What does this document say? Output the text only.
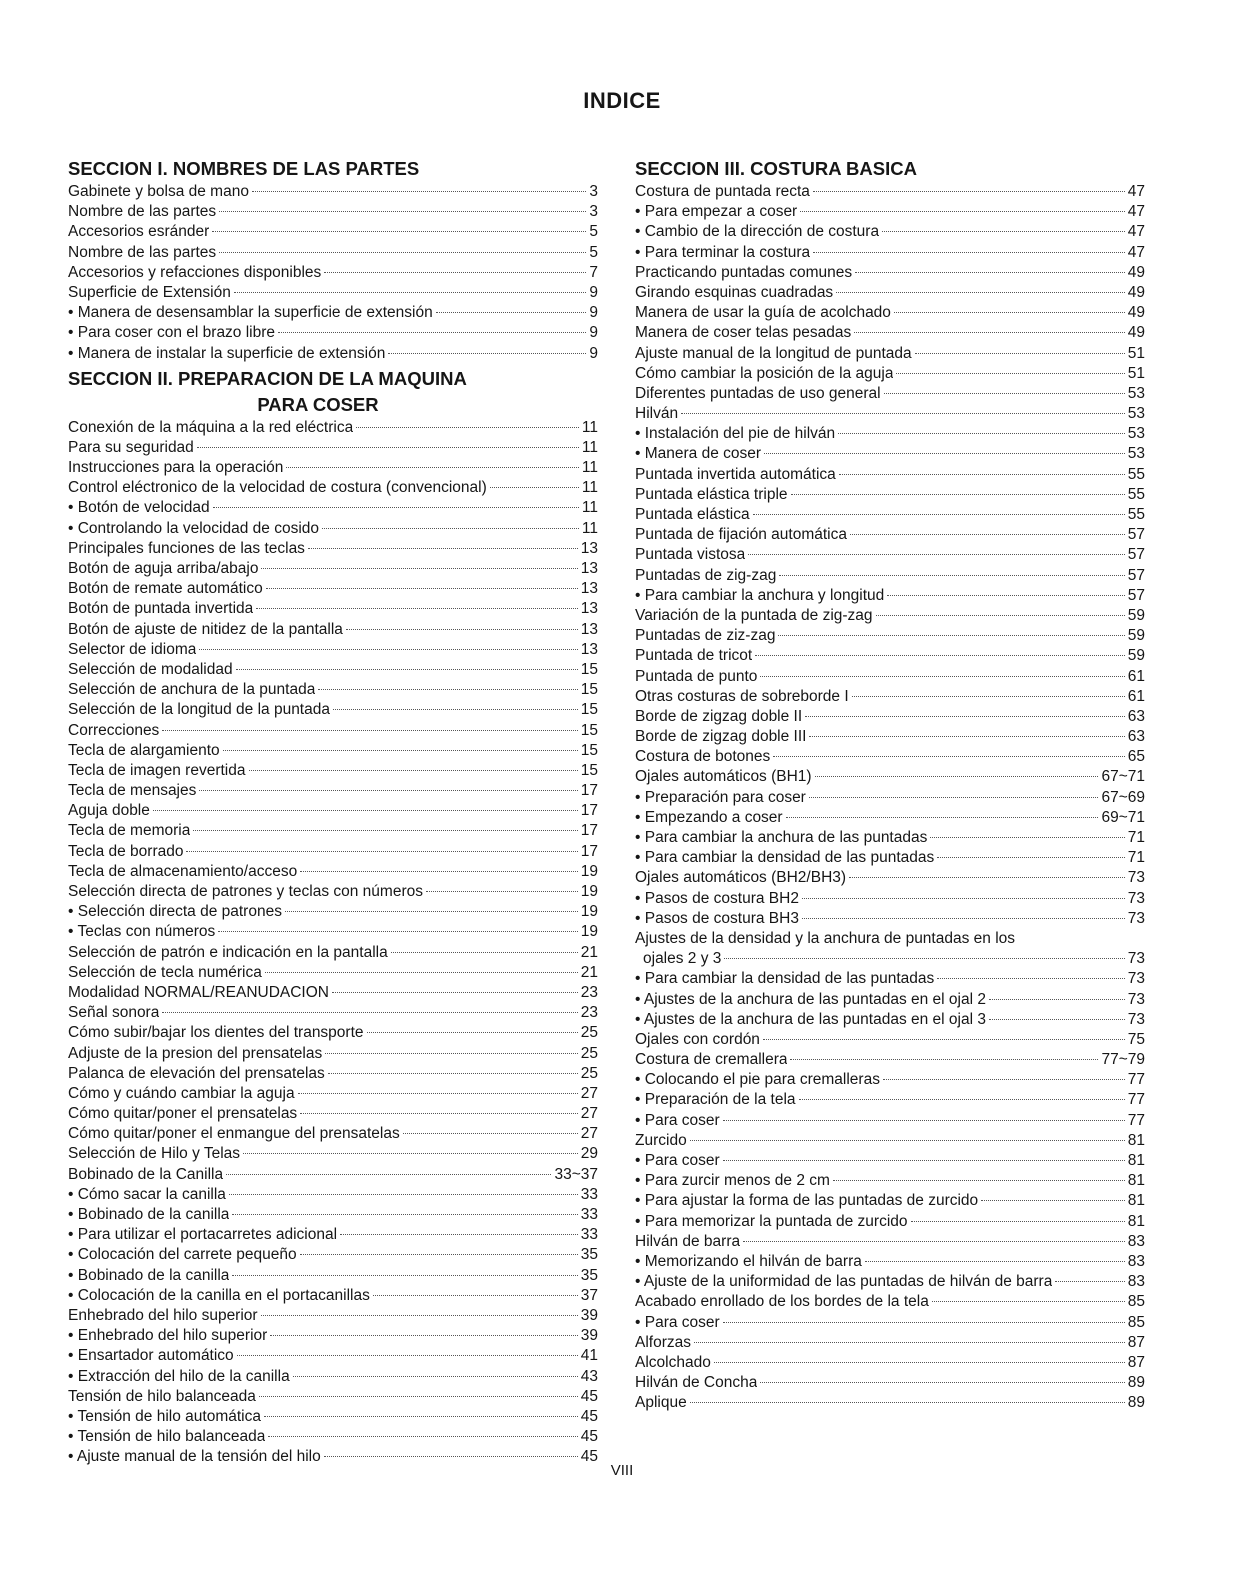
INDICE
SECCION I. NOMBRES DE LAS PARTES
Gabinete y bolsa de mano	3
Nombre de las partes	3
Accesorios esránder	5
Nombre de las partes	5
Accesorios y refacciones disponibles	7
Superficie de Extensión	9
• Manera de desensamblar la superficie de extensión	9
• Para coser con el brazo libre	9
• Manera de instalar la superficie de extensión	9
SECCION II. PREPARACION DE LA MAQUINA
PARA COSER
Conexión de la máquina a la red eléctrica	11
Para su seguridad	11
Instrucciones para la operación	11
Control eléctronico de la velocidad de costura (convencional)	11
• Botón de velocidad	11
• Controlando la velocidad de cosido	11
Principales funciones de las teclas	13
Botón de aguja arriba/abajo	13
Botón de remate automático	13
Botón de puntada invertida	13
Botón de ajuste de nitidez de la pantalla	13
Selector de idioma	13
Selección de modalidad	15
Selección de anchura de la puntada	15
Selección de la longitud de la puntada	15
Correcciones	15
Tecla de alargamiento	15
Tecla de imagen revertida	15
Tecla de mensajes	17
Aguja doble	17
Tecla de memoria	17
Tecla de borrado	17
Tecla de almacenamiento/acceso	19
Selección directa de patrones y teclas con números	19
• Selección directa de patrones	19
• Teclas con números	19
Selección de patrón e indicación en la pantalla	21
Selección de tecla numérica	21
Modalidad NORMAL/REANUDACION	23
Señal sonora	23
Cómo subir/bajar los dientes del transporte	25
Adjuste de la presion del prensatelas	25
Palanca de elevación del prensatelas	25
Cómo y cuándo cambiar la aguja	27
Cómo quitar/poner el prensatelas	27
Cómo quitar/poner el enmangue del prensatelas	27
Selección de Hilo y Telas	29
Bobinado de la Canilla	33~37
• Cómo sacar la canilla	33
• Bobinado de la canilla	33
• Para utilizar el portacarretes adicional	33
• Colocación del carrete pequeño	35
• Bobinado de la canilla	35
• Colocación de la canilla en el portacanillas	37
Enhebrado del hilo superior	39
• Enhebrado del hilo superior	39
• Ensartador automático	41
• Extracción del hilo de la canilla	43
Tensión de hilo balanceada	45
• Tensión de hilo automática	45
• Tensión de hilo balanceada	45
• Ajuste manual de la tensión del hilo	45
SECCION III. COSTURA BASICA
Costura de puntada recta	47
• Para empezar a coser	47
• Cambio de la dirección de costura	47
• Para terminar la costura	47
Practicando puntadas comunes	49
Girando esquinas cuadradas	49
Manera de usar la guía de acolchado	49
Manera de coser telas pesadas	49
Ajuste manual de la longitud de puntada	51
Cómo cambiar la posición de la aguja	51
Diferentes puntadas de uso general	53
Hilván	53
• Instalación del pie de hilván	53
• Manera de coser	53
Puntada invertida automática	55
Puntada elástica triple	55
Puntada elástica	55
Puntada de fijación automática	57
Puntada vistosa	57
Puntadas de zig-zag	57
• Para cambiar la anchura y longitud	57
Variación de la puntada de zig-zag	59
Puntadas de ziz-zag	59
Puntada de tricot	59
Puntada de punto	61
Otras costuras de sobreborde I	61
Borde de zigzag doble II	63
Borde de zigzag doble III	63
Costura de botones	65
Ojales automáticos (BH1)	67~71
• Preparación para coser	67~69
• Empezando a coser	69~71
• Para cambiar la anchura de las puntadas	71
• Para cambiar la densidad de las puntadas	71
Ojales automáticos (BH2/BH3)	73
• Pasos de costura BH2	73
• Pasos de costura BH3	73
Ajustes de la densidad y la anchura de puntadas en los
ojales 2 y 3	73
• Para cambiar la densidad de las puntadas	73
• Ajustes de la anchura de las puntadas en el ojal 2	73
• Ajustes de la anchura de las puntadas en el ojal 3	73
Ojales con cordón	75
Costura de cremallera	77~79
• Colocando el pie para cremalleras	77
• Preparación de la tela	77
• Para coser	77
Zurcido	81
• Para coser	81
• Para zurcir menos de 2 cm	81
• Para ajustar la forma de las puntadas de zurcido	81
• Para memorizar la puntada de zurcido	81
Hilván de barra	83
• Memorizando el hilván de barra	83
• Ajuste de la uniformidad de las puntadas de hilván de barra	83
Acabado enrollado de los bordes de la tela	85
• Para coser	85
Alforzas	87
Alcolchado	87
Hilván de Concha	89
Aplique	89
VIII
